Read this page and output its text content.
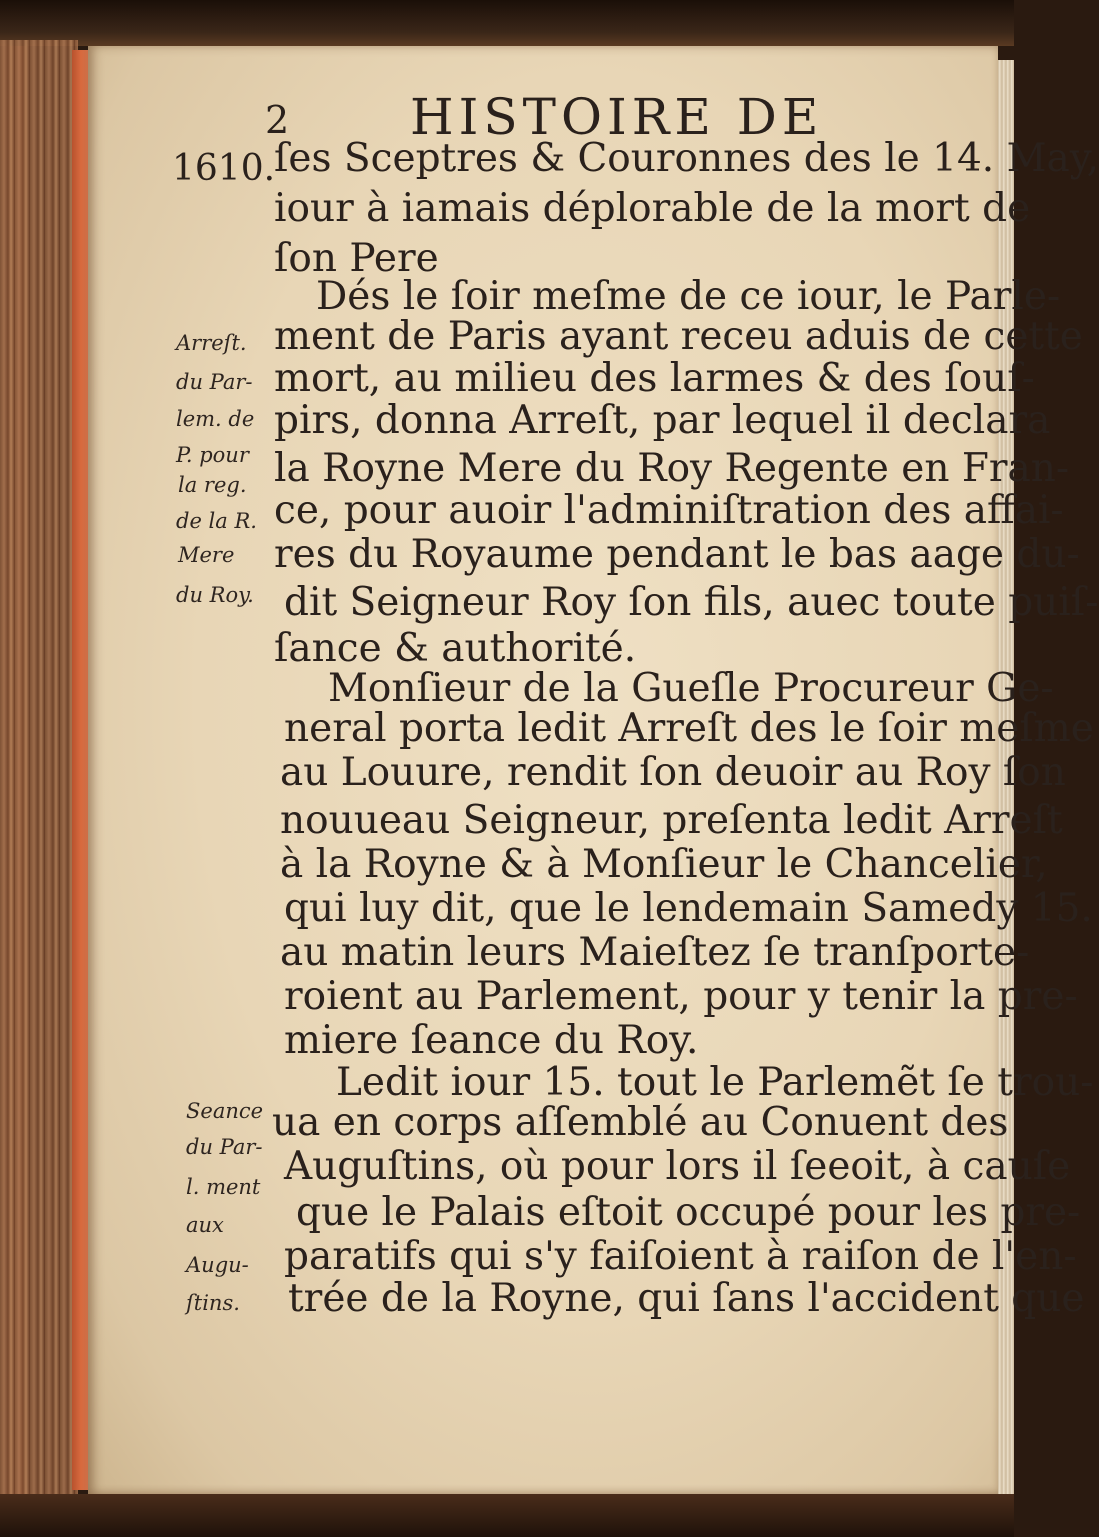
2 HISTOIRE DE
1610.
ſes Sceptres & Couronnes des le 14. May,
iour à iamais déplorable de la mort de
ſon Pere
Dés le ſoir meſme de ce iour, le Parle-
ment de Paris ayant receu aduis de cette
mort, au milieu des larmes & des ſouſ-
pirs, donna Arreſt, par lequel il declara
la Royne Mere du Roy Regente en Fran-
ce, pour auoir l'adminiſtration des affai-
res du Royaume pendant le bas aage du-
dit Seigneur Roy ſon fils, auec toute puiſ-
ſance & authorité.
Monſieur de la Gueſle Procureur Ge-
neral porta ledit Arreſt des le ſoir meſme
au Louure, rendit ſon deuoir au Roy ſon
nouueau Seigneur, preſenta ledit Arreſt
à la Royne & à Monſieur le Chancelier,
qui luy dit, que le lendemain Samedy 15.
au matin leurs Maieſtez ſe tranſporte-
roient au Parlement, pour y tenir la pre-
miere ſeance du Roy.
Ledit iour 15. tout le Parlemẽt ſe trou-
ua en corps aſſemblé au Conuent des
Auguſtins, où pour lors il ſeeoit, à cauſe
que le Palais eſtoit occupé pour les pre-
paratifs qui s'y faiſoient à raiſon de l'en-
trée de la Royne, qui ſans l'accident que
Arreſt.
du Par-
lem. de
P. pour
la reg.
de la R.
Mere
du Roy.
Seance
du Par-
l. ment
aux
Augu-
ſtins.
